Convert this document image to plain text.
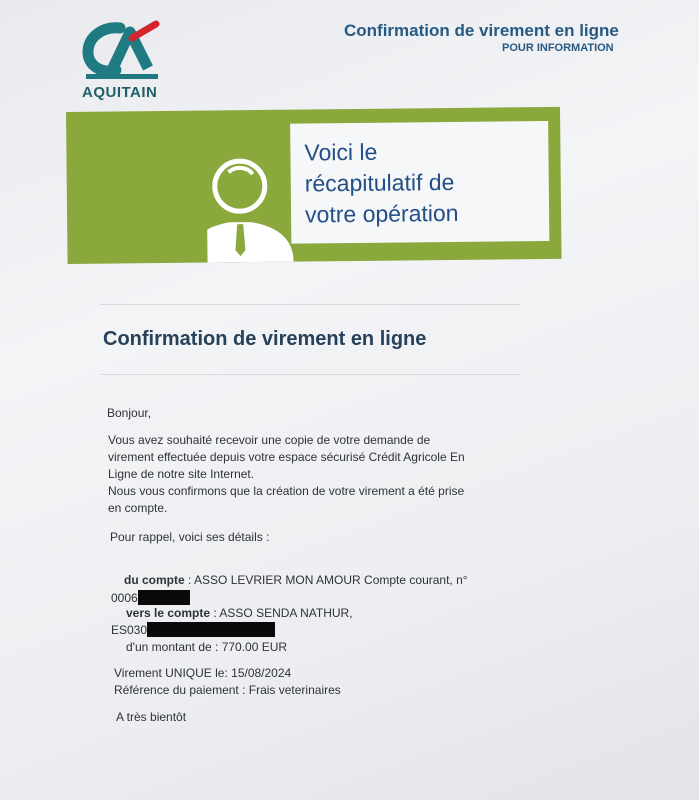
AQUITAIN
Confirmation de virement en ligne
POUR INFORMATION
Voici le
récapitulatif de
votre opération
Confirmation de virement en ligne
Bonjour,
Vous avez souhaité recevoir une copie de votre demande de
virement effectuée depuis votre espace sécurisé Crédit Agricole En
Ligne de notre site Internet.
Nous vous confirmons que la création de votre virement a été prise
en compte.
Pour rappel, voici ses détails :
du compte : ASSO LEVRIER MON AMOUR Compte courant, n°
0006
vers le compte : ASSO SENDA NATHUR,
ES030
d'un montant de : 770.00 EUR
Virement UNIQUE le: 15/08/2024
Référence du paiement : Frais veterinaires
A très bientôt
